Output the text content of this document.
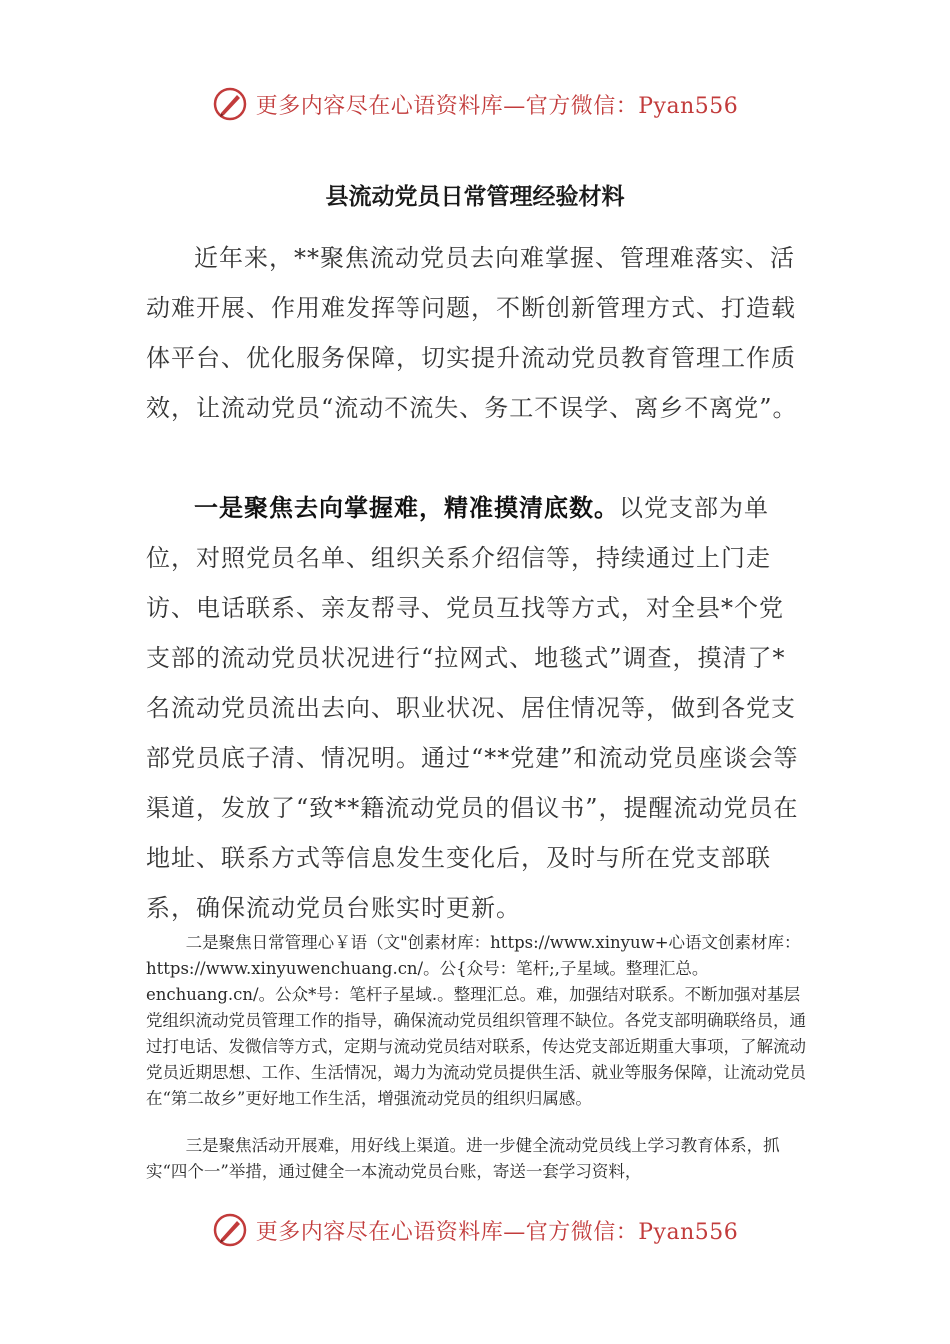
更多内容尽在心语资料库—官方微信：Pyan556
县流动党员日常管理经验材料

近年来，**聚焦流动党员去向难掌握、管理难落实、活动难开展、作用难发挥等问题，不断创新管理方式、打造载体平台、优化服务保障，切实提升流动党员教育管理工作质效，让流动党员“流动不流失、务工不误学、离乡不离党”。

一是聚焦去向掌握难，精准摸清底数。以党支部为单位，对照党员名单、组织关系介绍信等，持续通过上门走访、电话联系、亲友帮寻、党员互找等方式，对全县*个党支部的流动党员状况进行“拉网式、地毯式”调查，摸清了*名流动党员流出去向、职业状况、居住情况等，做到各党支部党员底子清、情况明。通过“**党建”和流动党员座谈会等渠道，发放了“致**籍流动党员的倡议书”，提醒流动党员在地址、联系方式等信息发生变化后，及时与所在党支部联系，确保流动党员台账实时更新。

二是聚焦日常管理心￥语（文"创素材库：https://www.xinyuw+心语文创素材库：https://www.xinyuwenchuang.cn/。公{众号：笔杆;,子星域。整理汇总。enchuang.cn/。公众*号：笔杆子星域.。整理汇总。难，加强结对联系。不断加强对基层党组织流动党员管理工作的指导，确保流动党员组织管理不缺位。各党支部明确联络员，通过打电话、发微信等方式，定期与流动党员结对联系，传达党支部近期重大事项，了解流动党员近期思想、工作、生活情况，竭力为流动党员提供生活、就业等服务保障，让流动党员在“第二故乡”更好地工作生活，增强流动党员的组织归属感。

三是聚焦活动开展难，用好线上渠道。进一步健全流动党员线上学习教育体系，抓实“四个一”举措，通过健全一本流动党员台账，寄送一套学习资料，

更多内容尽在心语资料库—官方微信：Pyan556
